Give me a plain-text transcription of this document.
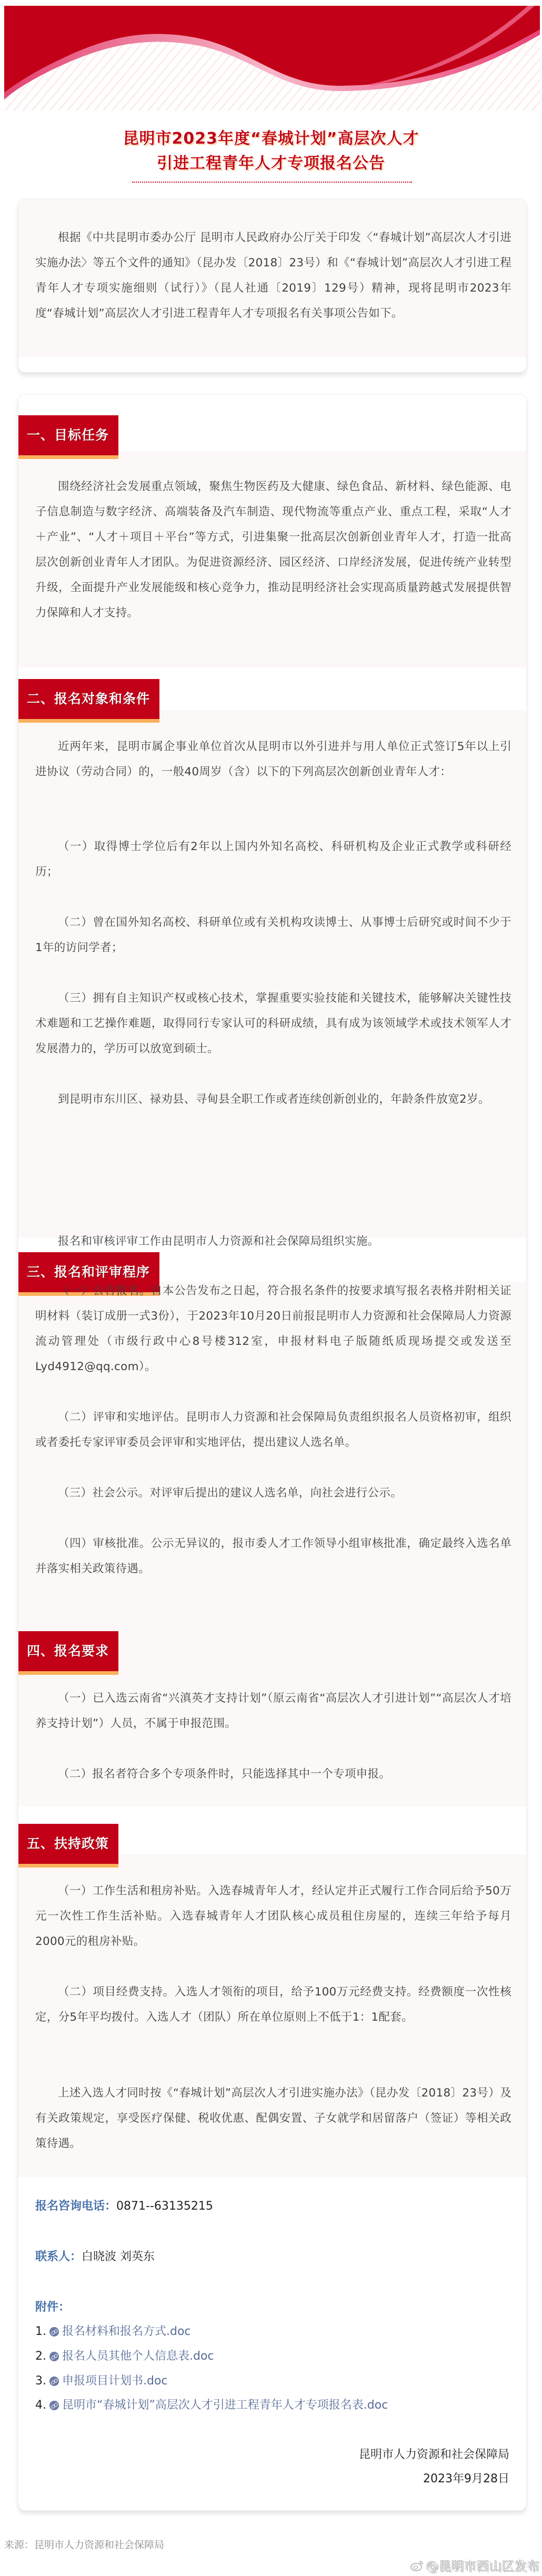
昆明市2023年度“春城计划”高层次人才
引进工程青年人才专项报名公告

根据《中共昆明市委办公厅 昆明市人民政府办公厅关于印发〈“春城计划”高层次人才引进实施办法〉等五个文件的通知》（昆办发〔2018〕23号）和《“春城计划”高层次人才引进工程青年人才专项实施细则（试行）》（昆人社通〔2019〕129号）精神，现将昆明市2023年度“春城计划”高层次人才引进工程青年人才专项报名有关事项公告如下。

一、目标任务

围绕经济社会发展重点领域，聚焦生物医药及大健康、绿色食品、新材料、绿色能源、电子信息制造与数字经济、高端装备及汽车制造、现代物流等重点产业、重点工程，采取“人才＋产业”、“人才＋项目＋平台”等方式，引进集聚一批高层次创新创业青年人才，打造一批高层次创新创业青年人才团队。为促进资源经济、园区经济、口岸经济发展，促进传统产业转型升级，全面提升产业发展能级和核心竞争力，推动昆明经济社会实现高质量跨越式发展提供智力保障和人才支持。

二、报名对象和条件

近两年来，昆明市属企事业单位首次从昆明市以外引进并与用人单位正式签订5年以上引进协议（劳动合同）的，一般40周岁（含）以下的下列高层次创新创业青年人才：

（一）取得博士学位后有2年以上国内外知名高校、科研机构及企业正式教学或科研经历；

（二）曾在国外知名高校、科研单位或有关机构攻读博士、从事博士后研究或时间不少于1年的访问学者；

（三）拥有自主知识产权或核心技术，掌握重要实验技能和关键技术，能够解决关键性技术难题和工艺操作难题，取得同行专家认可的科研成绩，具有成为该领域学术或技术领军人才发展潜力的，学历可以放宽到硕士。

到昆明市东川区、禄劝县、寻甸县全职工作或者连续创新创业的，年龄条件放宽2岁。

三、报名和评审程序

报名和审核评审工作由昆明市人力资源和社会保障局组织实施。

（一）公告报名。自本公告发布之日起，符合报名条件的按要求填写报名表格并附相关证明材料（装订成册一式3份），于2023年10月20日前报昆明市人力资源和社会保障局人力资源流动管理处（市级行政中心8号楼312室，申报材料电子版随纸质现场提交或发送至Lyd4912@qq.com）。

（二）评审和实地评估。昆明市人力资源和社会保障局负责组织报名人员资格初审，组织或者委托专家评审委员会评审和实地评估，提出建议人选名单。

（三）社会公示。对评审后提出的建议人选名单，向社会进行公示。

（四）审核批准。公示无异议的，报市委人才工作领导小组审核批准，确定最终入选名单并落实相关政策待遇。

四、报名要求

（一）已入选云南省“兴滇英才支持计划”（原云南省“高层次人才引进计划”“高层次人才培养支持计划”）人员，不属于申报范围。

（二）报名者符合多个专项条件时，只能选择其中一个专项申报。

五、扶持政策

（一）工作生活和租房补贴。入选春城青年人才，经认定并正式履行工作合同后给予50万元一次性工作生活补贴。入选春城青年人才团队核心成员租住房屋的，连续三年给予每月2000元的租房补贴。

（二）项目经费支持。入选人才领衔的项目，给予100万元经费支持。经费额度一次性核定，分5年平均拨付。入选人才（团队）所在单位原则上不低于1：1配套。

上述入选人才同时按《“春城计划”高层次人才引进实施办法》（昆办发〔2018〕23号）及有关政策规定，享受医疗保健、税收优惠、配偶安置、子女就学和居留落户（签证）等相关政策待遇。

报名咨询电话：0871--63135215
联系人：白晓波 刘英东
附件：
1. 报名材料和报名方式.doc
2. 报名人员其他个人信息表.doc
3. 申报项目计划书.doc
4. 昆明市“春城计划”高层次人才引进工程青年人才专项报名表.doc
昆明市人力资源和社会保障局
2023年9月28日
来源：昆明市人力资源和社会保障局
@昆明市西山区发布
